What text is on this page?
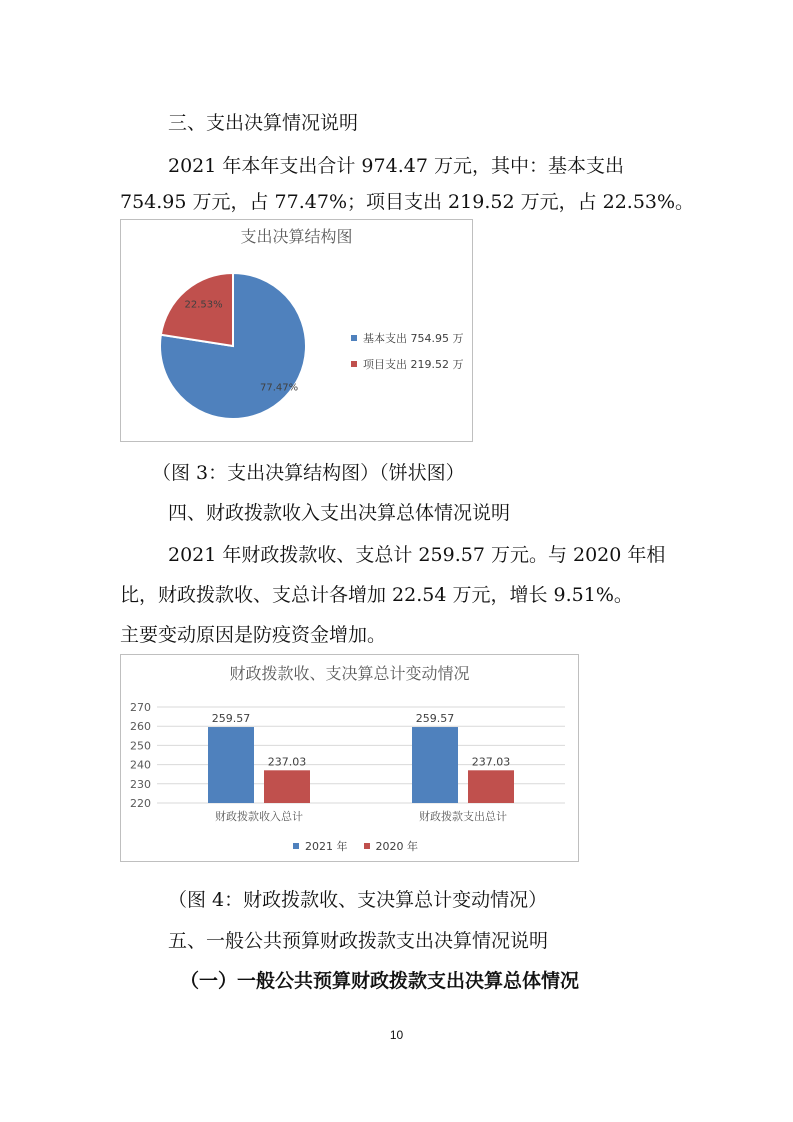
三、支出决算情况说明
2021 年本年支出合计 974.47 万元，其中：基本支出
754.95 万元，占 77.47%；项目支出 219.52 万元，占 22.53%。
支出决算结构图
77.47%
22.53%
基本支出 754.95 万
项目支出 219.52 万
（图 3：支出决算结构图）（饼状图）
四、财政拨款收入支出决算总体情况说明
2021 年财政拨款收、支总计 259.57 万元。与 2020 年相
比，财政拨款收、支总计各增加 22.54 万元，增长 9.51%。
主要变动原因是防疫资金增加。
财政拨款收、支决算总计变动情况
270
260
250
240
230
220
259.57
237.03
财政拨款收入总计
259.57
237.03
财政拨款支出总计
2021 年	2020 年
（图 4：财政拨款收、支决算总计变动情况）
五、一般公共预算财政拨款支出决算情况说明
（一）一般公共预算财政拨款支出决算总体情况
10
